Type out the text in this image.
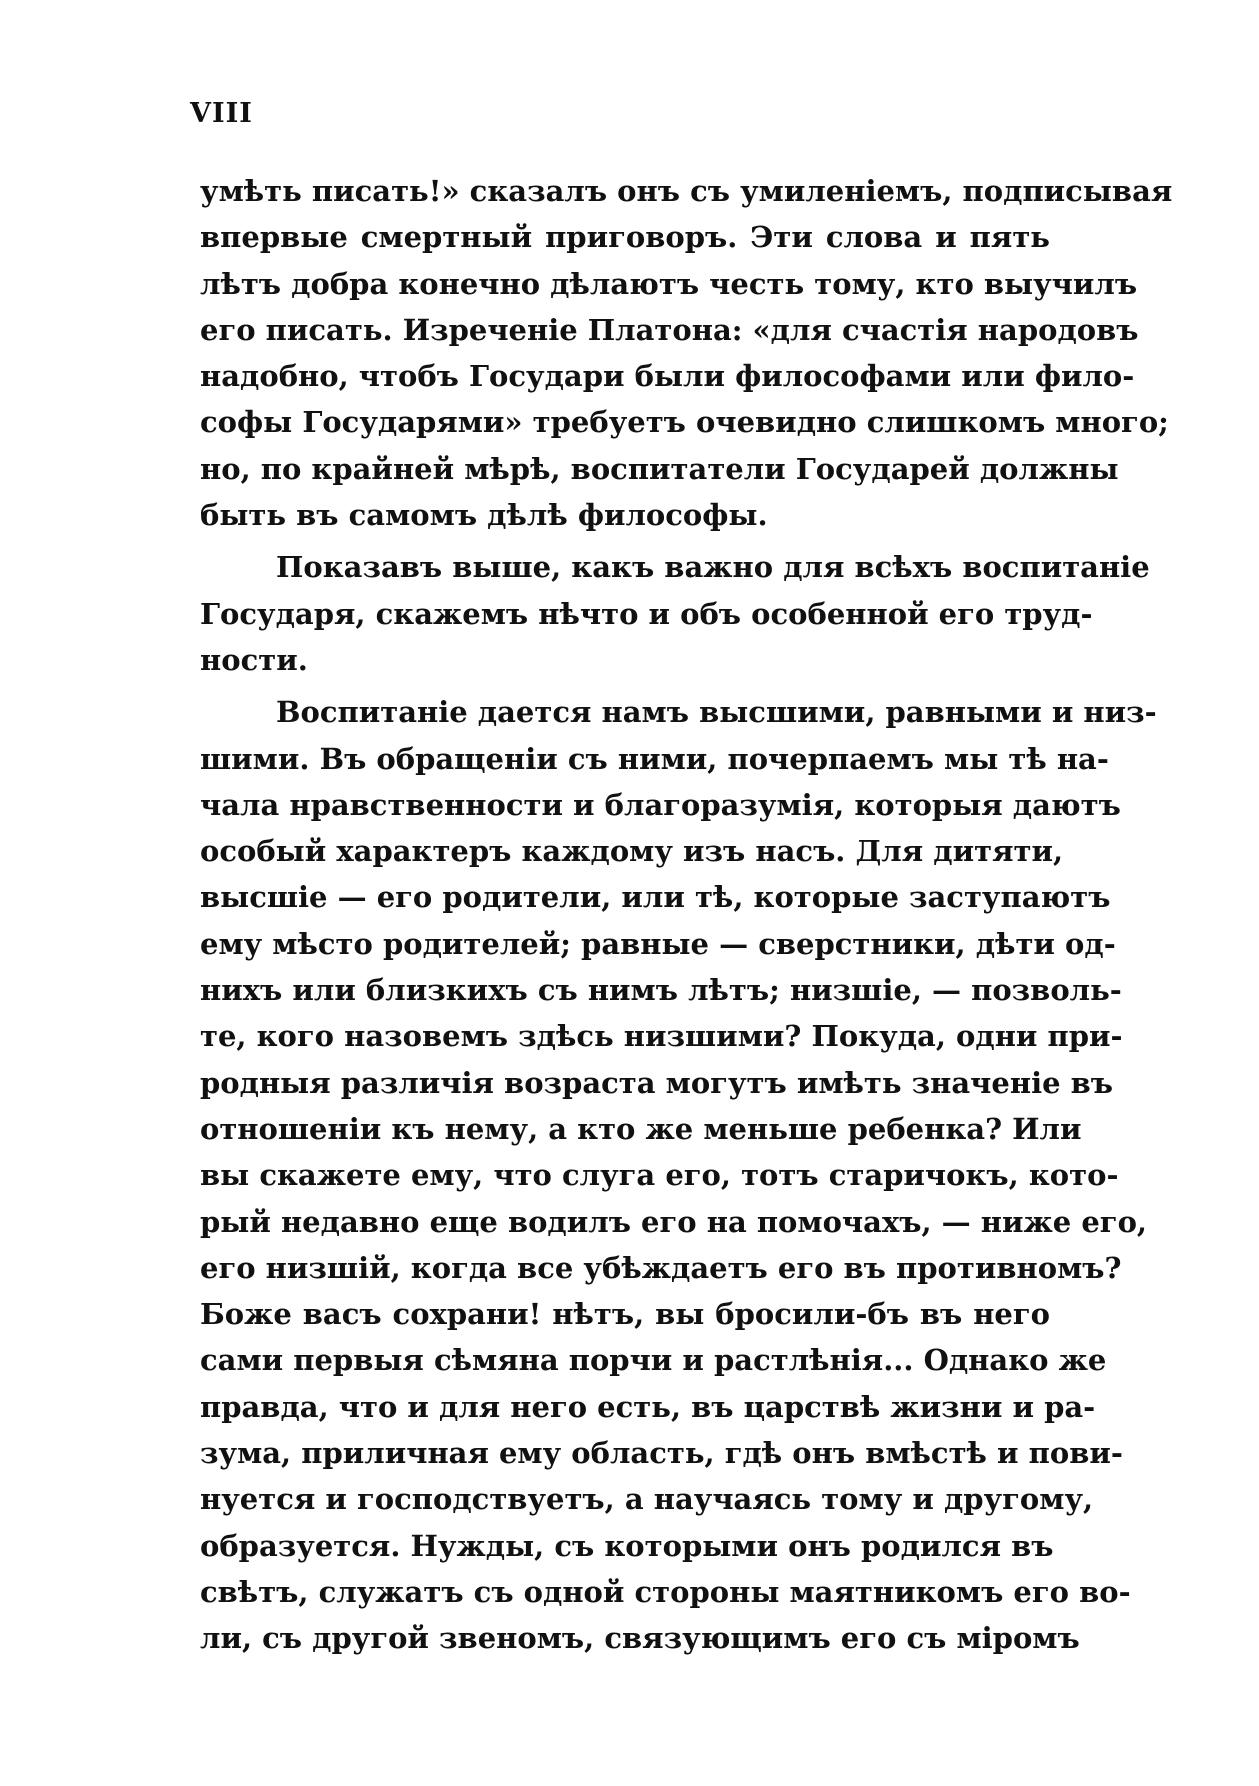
VIII
умѣть писать!» сказалъ онъ съ умиленіемъ, подписывая
впервые смертный приговоръ. Эти слова и пять
лѣтъ добра конечно дѣлаютъ честь тому, кто выучилъ
его писать. Изреченіе Платона: «для счастія народовъ
надобно, чтобъ Государи были философами или фило-
софы Государями» требуетъ очевидно слишкомъ много;
но, по крайней мѣрѣ, воспитатели Государей должны
быть въ самомъ дѣлѣ философы.
Показавъ выше, какъ важно для всѣхъ воспитаніе
Государя, скажемъ нѣчто и объ особенной его труд-
ности.
Воспитаніе дается намъ высшими, равными и низ-
шими. Въ обращеніи съ ними, почерпаемъ мы тѣ на-
чала нравственности и благоразумія, которыя даютъ
особый характеръ каждому изъ насъ. Для дитяти,
высшіе — его родители, или тѣ, которые заступаютъ
ему мѣсто родителей; равные — сверстники, дѣти од-
нихъ или близкихъ съ нимъ лѣтъ; низшіе, — позволь-
те, кого назовемъ здѣсь низшими? Покуда, одни при-
родныя различія возраста могутъ имѣть значеніе въ
отношеніи къ нему, а кто же меньше ребенка? Или
вы скажете ему, что слуга его, тотъ старичокъ, кото-
рый недавно еще водилъ его на помочахъ, — ниже его,
его низшій, когда все убѣждаетъ его въ противномъ?
Боже васъ сохрани! нѣтъ, вы бросили-бъ въ него
сами первыя сѣмяна порчи и растлѣнія... Однако же
правда, что и для него есть, въ царствѣ жизни и ра-
зума, приличная ему область, гдѣ онъ вмѣстѣ и пови-
нуется и господствуетъ, а научаясь тому и другому,
образуется. Нужды, съ которыми онъ родился въ
свѣтъ, служатъ съ одной стороны маятникомъ его во-
ли, съ другой звеномъ, связующимъ его съ міромъ
